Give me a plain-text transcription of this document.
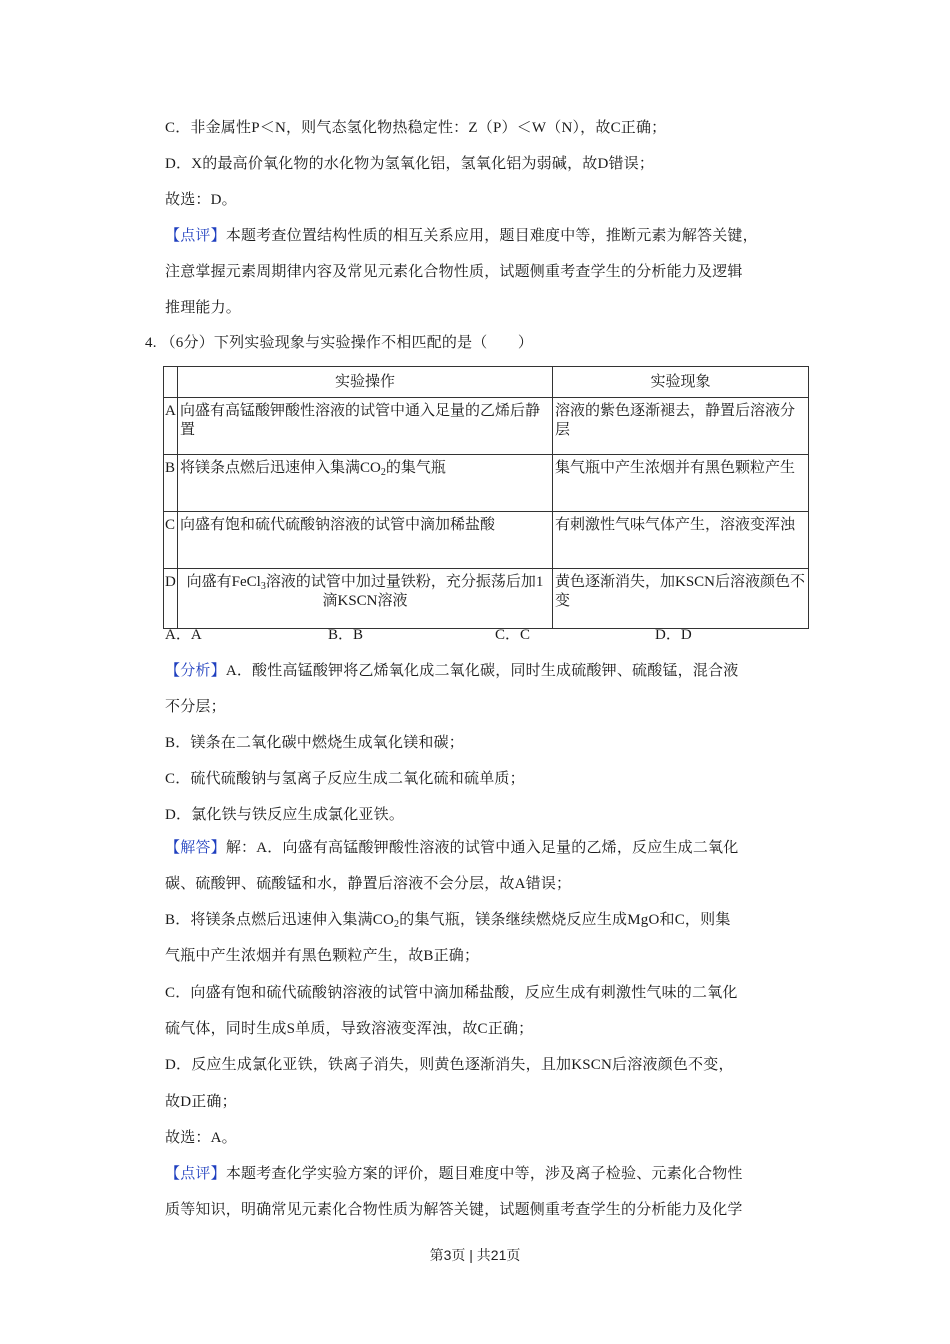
C．非金属性P＜N，则气态氢化物热稳定性：Z（P）＜W（N），故C正确；
D．X的最高价氧化物的水化物为氢氧化铝，氢氧化铝为弱碱，故D错误；
故选：D。
【点评】本题考查位置结构性质的相互关系应用，题目难度中等，推断元素为解答关键，
注意掌握元素周期律内容及常见元素化合物性质，试题侧重考查学生的分析能力及逻辑
推理能力。
4. （6分）下列实验现象与实验操作不相匹配的是（　　）
	实验操作	实验现象
A	向盛有高锰酸钾酸性溶液的试管中通入足量的乙烯后静置	溶液的紫色逐渐褪去，静置后溶液分层
B	将镁条点燃后迅速伸入集满$CO_2$的集气瓶	集气瓶中产生浓烟并有黑色颗粒产生
C	向盛有饱和硫代硫酸钠溶液的试管中滴加稀盐酸	有刺激性气味气体产生，溶液变浑浊
D	向盛有FeCl$_3$溶液的试管中加过量铁粉，充分振荡后加1滴KSCN溶液	黄色逐渐消失，加KSCN后溶液颜色不变
A．A	B．B	C．C	D．D
【分析】A．酸性高锰酸钾将乙烯氧化成二氧化碳，同时生成硫酸钾、硫酸锰，混合液
不分层；
B．镁条在二氧化碳中燃烧生成氧化镁和碳；
C．硫代硫酸钠与氢离子反应生成二氧化硫和硫单质；
D．氯化铁与铁反应生成氯化亚铁。
【解答】解：A．向盛有高锰酸钾酸性溶液的试管中通入足量的乙烯，反应生成二氧化
碳、硫酸钾、硫酸锰和水，静置后溶液不会分层，故A错误；
B．将镁条点燃后迅速伸入集满$CO_2$的集气瓶，镁条继续燃烧反应生成MgO和C，则集
气瓶中产生浓烟并有黑色颗粒产生，故B正确；
C．向盛有饱和硫代硫酸钠溶液的试管中滴加稀盐酸，反应生成有刺激性气味的二氧化
硫气体，同时生成S单质，导致溶液变浑浊，故C正确；
D．反应生成氯化亚铁，铁离子消失，则黄色逐渐消失，且加KSCN后溶液颜色不变，
故D正确；
故选：A。
【点评】本题考查化学实验方案的评价，题目难度中等，涉及离子检验、元素化合物性
质等知识，明确常见元素化合物性质为解答关键，试题侧重考查学生的分析能力及化学
第3页 | 共21页
